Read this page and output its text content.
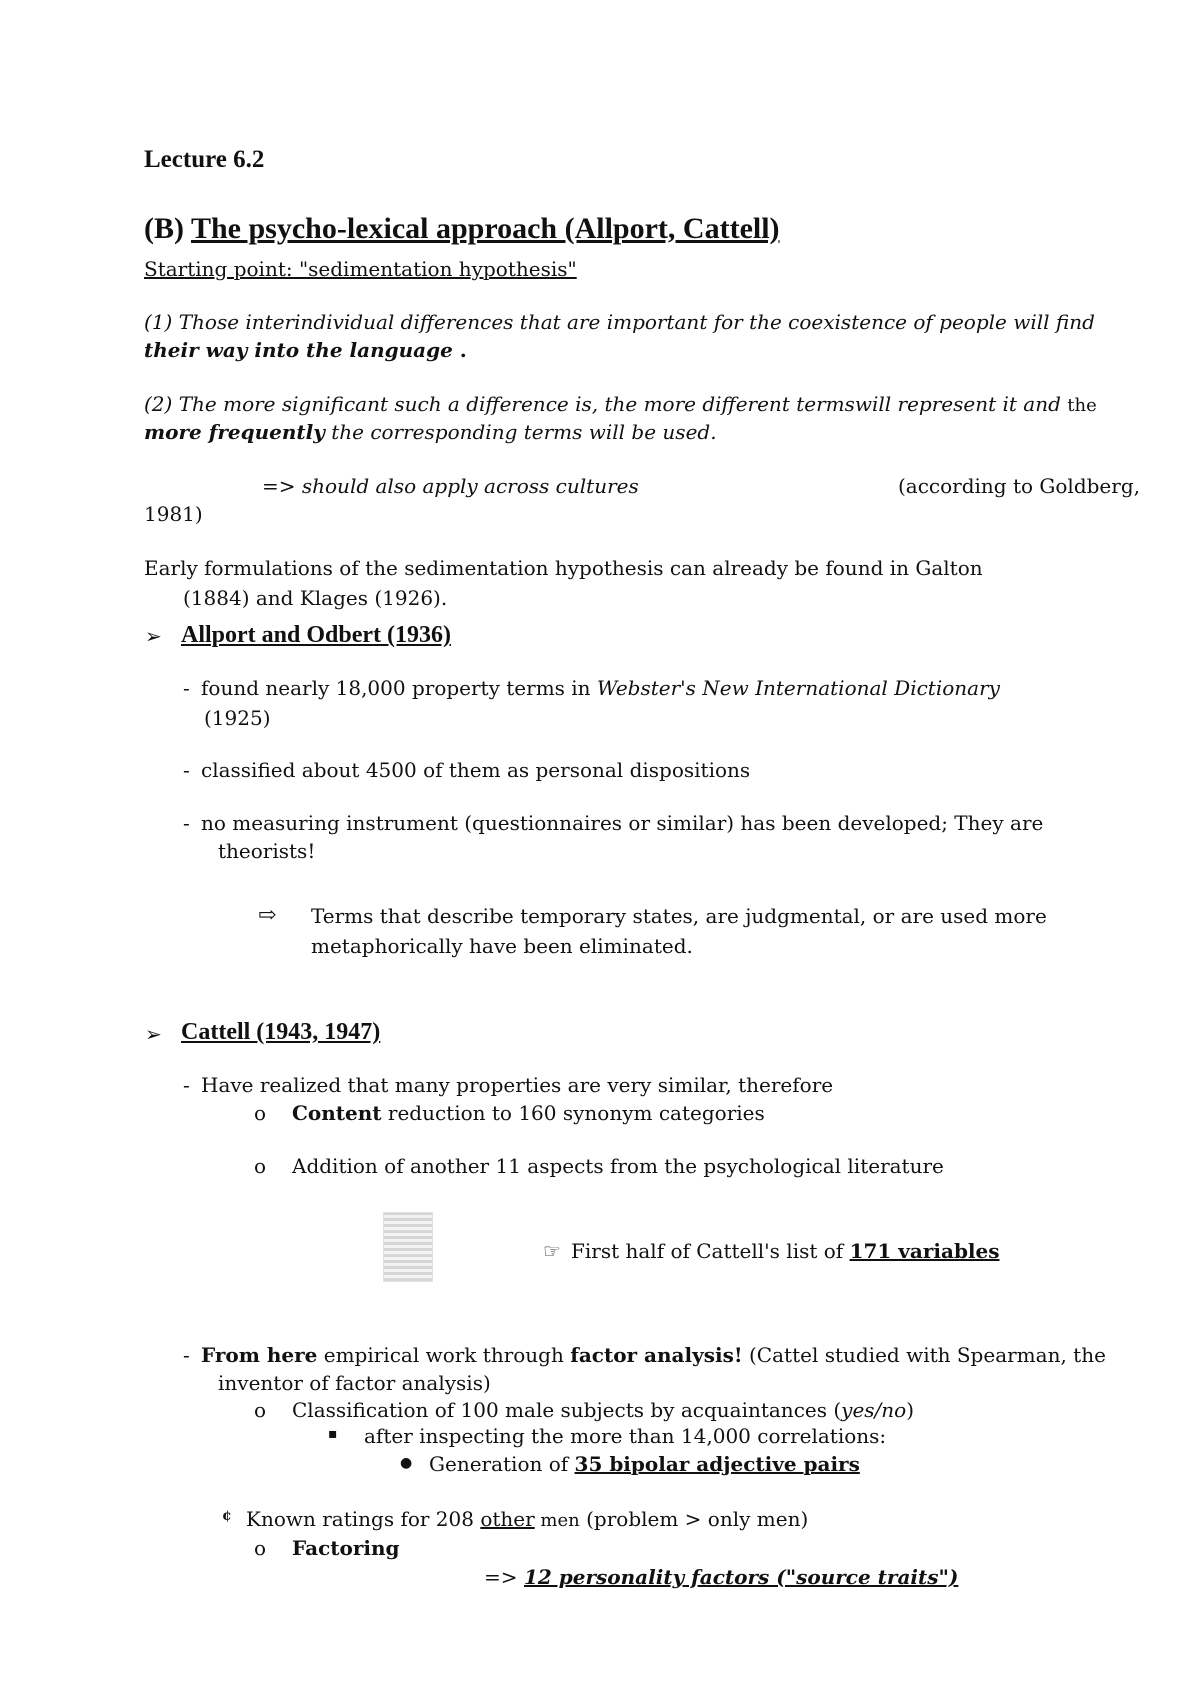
Lecture 6.2
(B) The psycho-lexical approach (Allport, Cattell)
Starting point: "sedimentation hypothesis"
(1) Those interindividual differences that are important for the coexistence of people will find
their way into the language .
(2) The more significant such a difference is, the more different termswill represent it and the
more frequently the corresponding terms will be used.
=> should also apply across cultures	(according to Goldberg,
1981)
Early formulations of the sedimentation hypothesis can already be found in Galton
(1884) and Klages (1926).
➢ Allport and Odbert (1936)
- found nearly 18,000 property terms in Webster's New International Dictionary
(1925)
- classified about 4500 of them as personal dispositions
- no measuring instrument (questionnaires or similar) has been developed; They are
theorists!
⇨ Terms that describe temporary states, are judgmental, or are used more
metaphorically have been eliminated.
➢ Cattell (1943, 1947)
- Have realized that many properties are very similar, therefore
o Content reduction to 160 synonym categories
o Addition of another 11 aspects from the psychological literature
☞ First half of Cattell's list of 171 variables
- From here empirical work through factor analysis! (Cattel studied with Spearman, the
inventor of factor analysis)
o Classification of 100 male subjects by acquaintances (yes/no)
▪ after inspecting the more than 14,000 correlations:
● Generation of 35 bipolar adjective pairs
¢ Known ratings for 208 other men (problem > only men)
o Factoring
=> 12 personality factors ("source traits")
